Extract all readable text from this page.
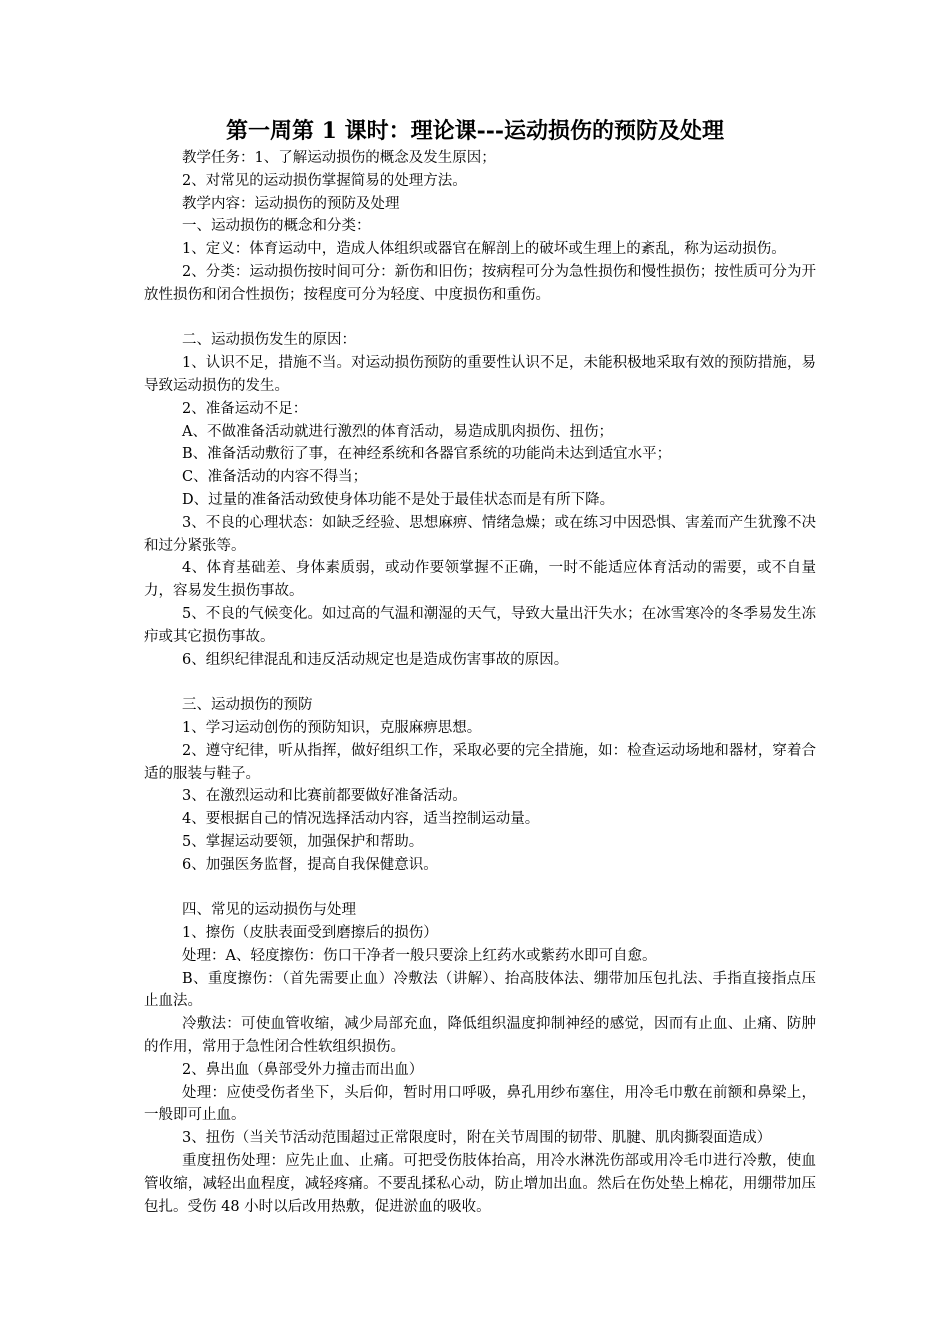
第一周第 1 课时：理论课---运动损伤的预防及处理

教学任务：1、了解运动损伤的概念及发生原因；

2、对常见的运动损伤掌握简易的处理方法。

教学内容：运动损伤的预防及处理

一、运动损伤的概念和分类：

1、定义：体育运动中，造成人体组织或器官在解剖上的破坏或生理上的紊乱，称为运动损伤。

2、分类：运动损伤按时间可分：新伤和旧伤；按病程可分为急性损伤和慢性损伤；按性质可分为开放性损伤和闭合性损伤；按程度可分为轻度、中度损伤和重伤。

二、运动损伤发生的原因：

1、认识不足，措施不当。对运动损伤预防的重要性认识不足，未能积极地采取有效的预防措施，易导致运动损伤的发生。

2、准备运动不足：

A、不做准备活动就进行激烈的体育活动，易造成肌肉损伤、扭伤；

B、准备活动敷衍了事，在神经系统和各器官系统的功能尚未达到适宜水平；

C、准备活动的内容不得当；

D、过量的准备活动致使身体功能不是处于最佳状态而是有所下降。

3、不良的心理状态：如缺乏经验、思想麻痹、情绪急燥；或在练习中因恐惧、害羞而产生犹豫不决和过分紧张等。

4、体育基础差、身体素质弱，或动作要领掌握不正确，一时不能适应体育活动的需要，或不自量力，容易发生损伤事故。

5、不良的气候变化。如过高的气温和潮湿的天气，导致大量出汗失水；在冰雪寒冷的冬季易发生冻疖或其它损伤事故。

6、组织纪律混乱和违反活动规定也是造成伤害事故的原因。

三、运动损伤的预防

1、学习运动创伤的预防知识，克服麻痹思想。

2、遵守纪律，听从指挥，做好组织工作，采取必要的完全措施，如：检查运动场地和器材，穿着合适的服装与鞋子。

3、在激烈运动和比赛前都要做好准备活动。

4、要根据自己的情况选择活动内容，适当控制运动量。

5、掌握运动要领，加强保护和帮助。

6、加强医务监督，提高自我保健意识。

四、常见的运动损伤与处理

1、擦伤（皮肤表面受到磨擦后的损伤）

处理：A、轻度擦伤：伤口干净者一般只要涂上红药水或紫药水即可自愈。

B、重度擦伤：（首先需要止血）冷敷法（讲解）、抬高肢体法、绷带加压包扎法、手指直接指点压止血法。

冷敷法：可使血管收缩，减少局部充血，降低组织温度抑制神经的感觉，因而有止血、止痛、防肿的作用，常用于急性闭合性软组织损伤。

2、鼻出血（鼻部受外力撞击而出血）

处理：应使受伤者坐下，头后仰，暂时用口呼吸，鼻孔用纱布塞住，用冷毛巾敷在前额和鼻梁上，一般即可止血。

3、扭伤（当关节活动范围超过正常限度时，附在关节周围的韧带、肌腱、肌肉撕裂面造成）

重度扭伤处理：应先止血、止痛。可把受伤肢体抬高，用冷水淋洗伤部或用冷毛巾进行冷敷，使血管收缩，减轻出血程度，减轻疼痛。不要乱揉私心动，防止增加出血。然后在伤处垫上棉花，用绷带加压包扎。受伤 48 小时以后改用热敷，促进淤血的吸收。
